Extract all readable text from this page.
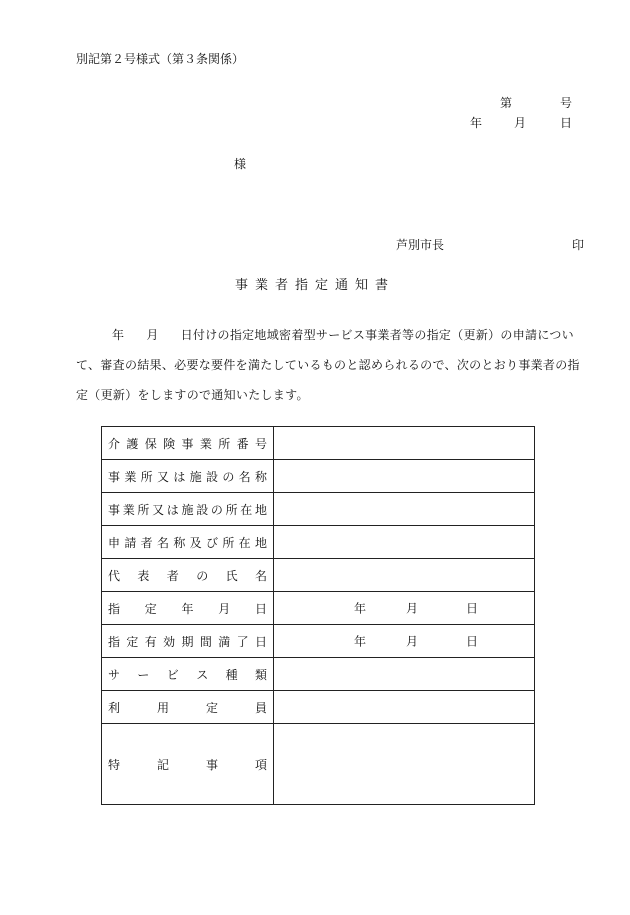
別記第２号様式（第３条関係）
第	号
年	月	日
様
芦別市長	印
事業者指定通知書
年 月 日付けの指定地域密着型サービス事業者等の指定（更新）の申請について、審査の結果、必要な要件を満たしているものと認められるので、次のとおり事業者の指定（更新）をしますので通知いたします。
介護保険事業所番号	

事業所又は施設の名称	

事業所又は施設の所在地	

申請者名称及び所在地	

代表者の氏名	

指定年月日	年 月 日

指定有効期間満了日	年 月 日

サービス種類	

利用定員	

特記事項	
